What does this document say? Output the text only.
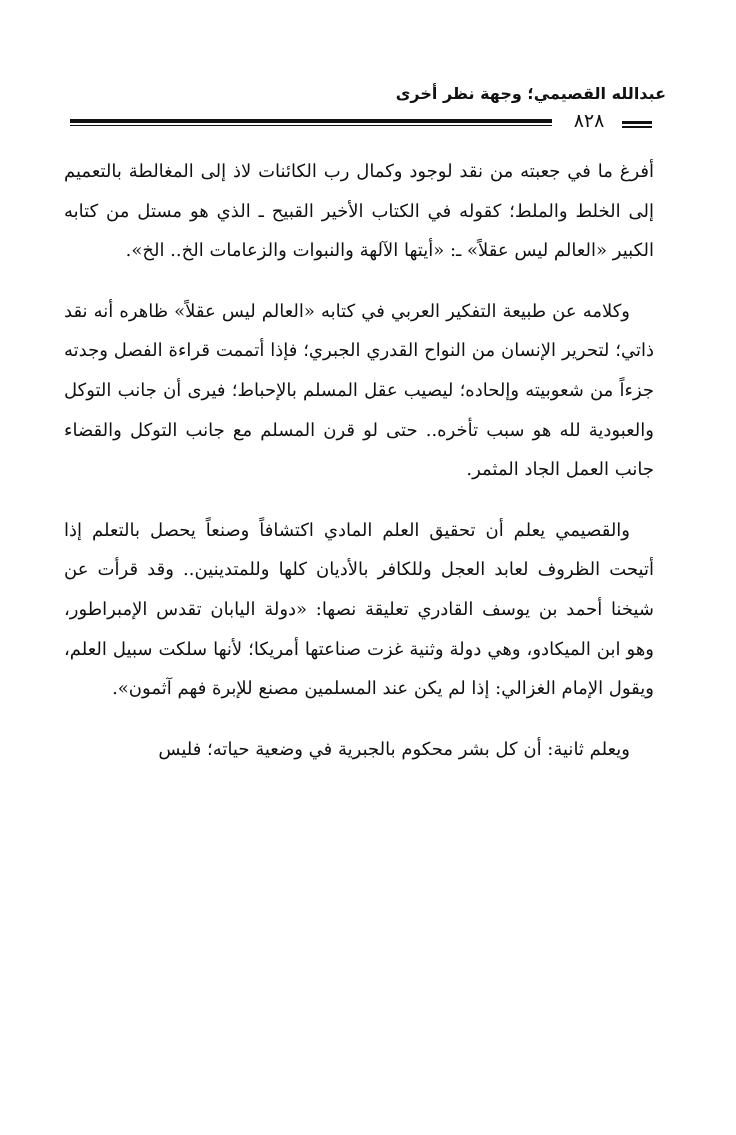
عبدالله القصيمي؛ وجهة نظر أخرى
٨٢٨

أفرغ ما في جعبته من نقد لوجود وكمال رب الكائنات لاذ إلى المغالطة بالتعميم إلى الخلط والملط؛ كقوله في الكتاب الأخير القبيح ـ الذي هو مستل من كتابه الكبير «العالم ليس عقلاً» ـ: «أيتها الآلهة والنبوات والزعامات الخ.. الخ».

وكلامه عن طبيعة التفكير العربي في كتابه «العالم ليس عقلاً» ظاهره أنه نقد ذاتي؛ لتحرير الإنسان من النواح القدري الجبري؛ فإذا أتممت قراءة الفصل وجدته جزءاً من شعوبيته وإلحاده؛ ليصيب عقل المسلم بالإحباط؛ فيرى أن جانب التوكل والعبودية لله هو سبب تأخره.. حتى لو قرن المسلم مع جانب التوكل والقضاء جانب العمل الجاد المثمر.

والقصيمي يعلم أن تحقيق العلم المادي اكتشافاً وصنعاً يحصل بالتعلم إذا أتيحت الظروف لعابد العجل وللكافر بالأديان كلها وللمتدينين.. وقد قرأت عن شيخنا أحمد بن يوسف القادري تعليقة نصها: «دولة اليابان تقدس الإمبراطور، وهو ابن الميكادو، وهي دولة وثنية غزت صناعتها أمريكا؛ لأنها سلكت سبيل العلم، ويقول الإمام الغزالي: إذا لم يكن عند المسلمين مصنع للإبرة فهم آثمون».

ويعلم ثانية: أن كل بشر محكوم بالجبرية في وضعية حياته؛ فليس
